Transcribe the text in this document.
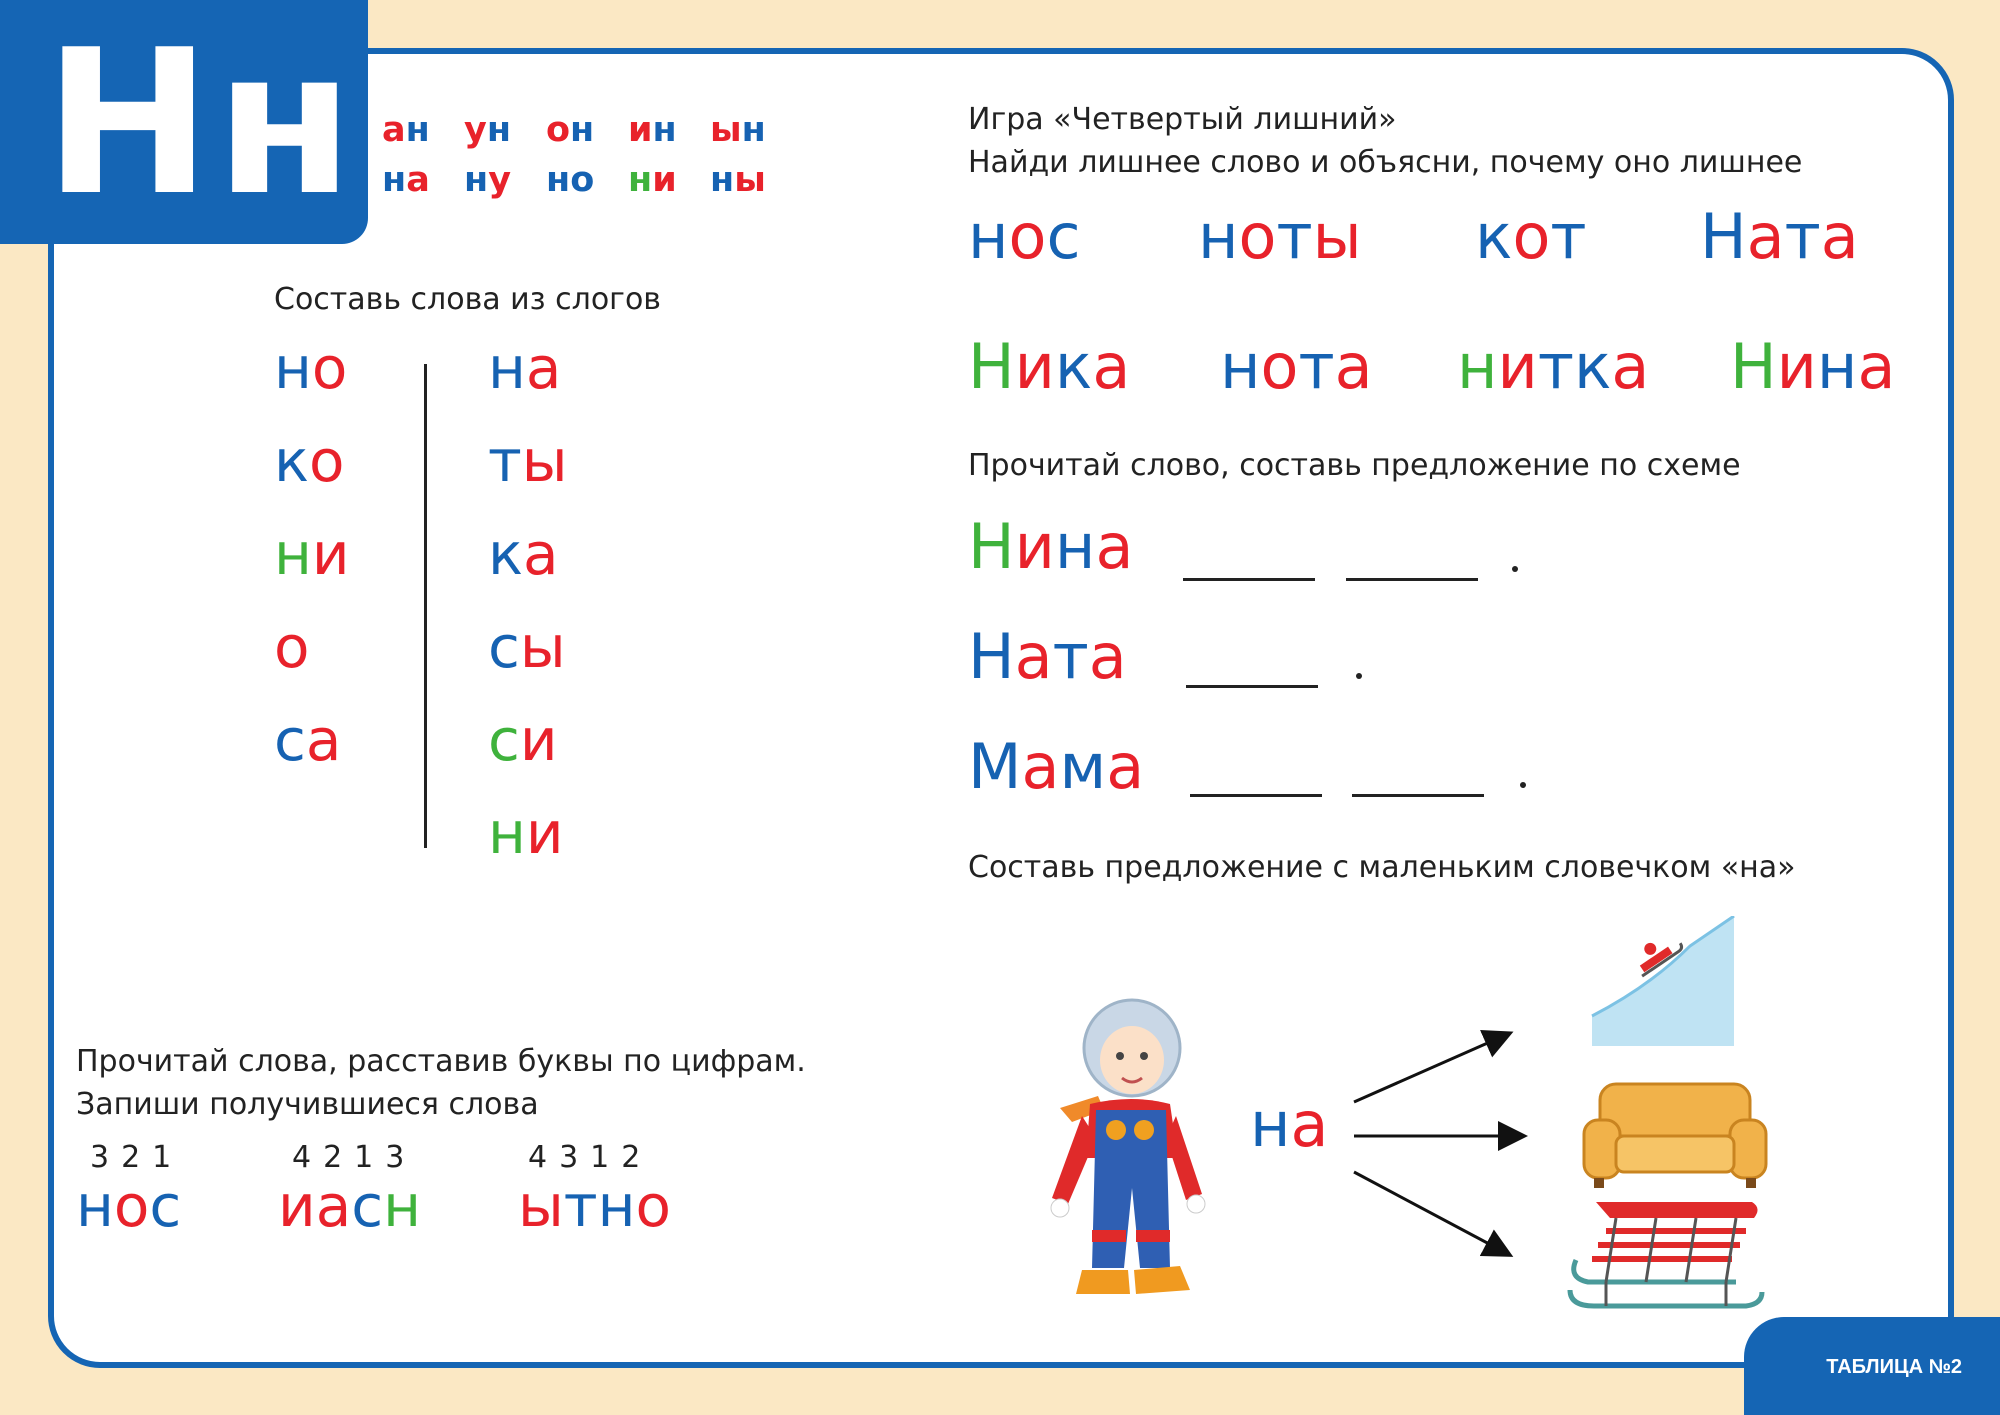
Нн ан ун он ин ын
на ну но ни ны
Составь слова из слогов
но
ко
ни
о
са
на
ты
ка
сы
си
ни
Игра «Четвертый лишний»
Найди лишнее слово и объясни, почему оно лишнее
нос ноты кот Ната
Ника нота нитка Нина
Прочитай слово, составь предложение по схеме
Нина
Ната
Мама
Составь предложение с маленьким словечком «на»
на
Прочитай слова, расставив буквы по цифрам.
Запиши получившиеся слова
321
нос
4213
иасн
4312
ытно
ТАБЛИЦА №2
